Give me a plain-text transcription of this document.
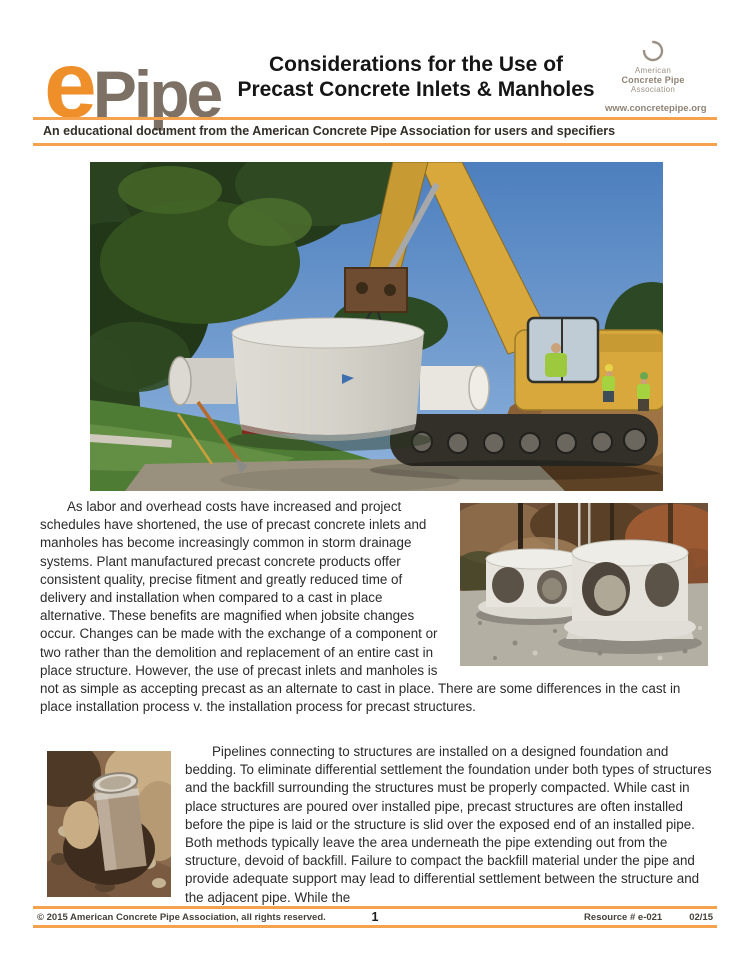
e Pipe	Considerations for the Use of
Precast Concrete Inlets & Manholes
American
Concrete Pipe
Association
www.concretepipe.org
An educational document from the American Concrete Pipe Association for users and specifiers
As labor and overhead costs have increased and project schedules have shortened, the use of precast concrete inlets and manholes has become increasingly common in storm drainage systems. Plant manufactured precast concrete products offer consistent quality, precise fitment and greatly reduced time of delivery and installation when compared to a cast in place alternative. These benefits are magnified when jobsite changes occur. Changes can be made with the exchange of a component or two rather than the demolition and replacement of an entire cast in place structure. However, the use of precast inlets and manholes is not as simple as accepting precast as an alternate to cast in place. There are some differences in the cast in place installation process v. the installation process for precast structures.
Pipelines connecting to structures are installed on a designed foundation and bedding. To eliminate differential settlement the foundation under both types of structures and the backfill surrounding the structures must be properly compacted. While cast in place structures are poured over installed pipe, precast structures are often installed before the pipe is laid or the structure is slid over the exposed end of an installed pipe. Both methods typically leave the area underneath the pipe extending out from the structure, devoid of backfill. Failure to compact the backfill material under the pipe and provide adequate support may lead to differential settlement between the structure and the adjacent pipe. While the
© 2015 American Concrete Pipe Association, all rights reserved.	1	Resource # e-021	02/15
